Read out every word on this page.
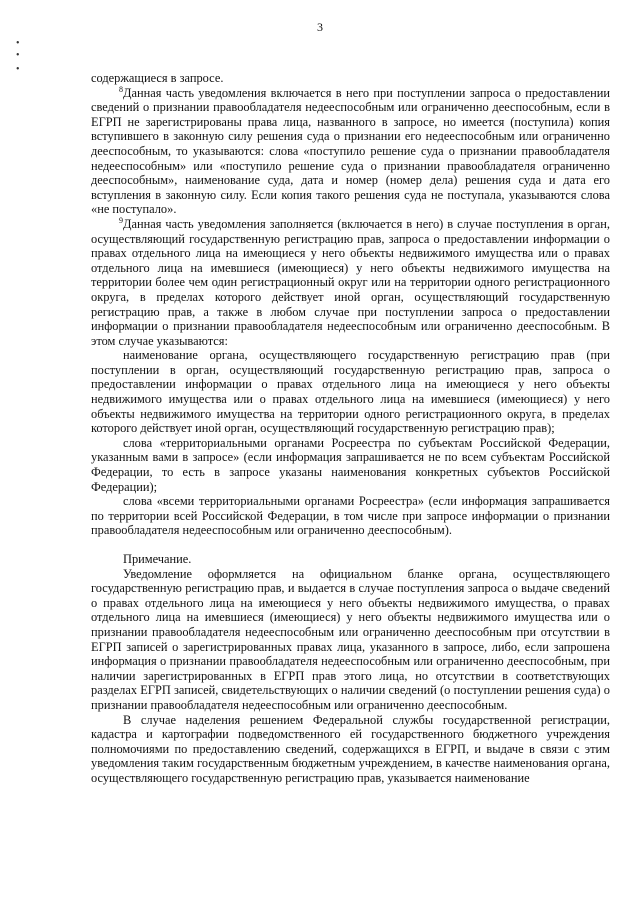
3
•
•
•

содержащиеся в запросе.

$^8$Данная часть уведомления включается в него при поступлении запроса о предоставлении сведений о признании правообладателя недееспособным или ограниченно дееспособным, если в ЕГРП не зарегистрированы права лица, названного в запросе, но имеется (поступила) копия вступившего в законную силу решения суда о признании его недееспособным или ограниченно дееспособным, то указываются: слова «поступило решение суда о признании правообладателя недееспособным» или «поступило решение суда о признании правообладателя ограниченно дееспособным», наименование суда, дата и номер (номер дела) решения суда и дата его вступления в законную силу. Если копия такого решения суда не поступала, указываются слова «не поступало».

$^9$Данная часть уведомления заполняется (включается в него) в случае поступления в орган, осуществляющий государственную регистрацию прав, запроса о предоставлении информации о правах отдельного лица на имеющиеся у него объекты недвижимого имущества или о правах отдельного лица на имевшиеся (имеющиеся) у него объекты недвижимого имущества на территории более чем один регистрационный округ или на территории одного регистрационного округа, в пределах которого действует иной орган, осуществляющий государственную регистрацию прав, а также в любом случае при поступлении запроса о предоставлении информации о признании правообладателя недееспособным или ограниченно дееспособным. В этом случае указываются:

наименование органа, осуществляющего государственную регистрацию прав (при поступлении в орган, осуществляющий государственную регистрацию прав, запроса о предоставлении информации о правах отдельного лица на имеющиеся у него объекты недвижимого имущества или о правах отдельного лица на имевшиеся (имеющиеся) у него объекты недвижимого имущества на территории одного регистрационного округа, в пределах которого действует иной орган, осуществляющий государственную регистрацию прав);

слова «территориальными органами Росреестра по субъектам Российской Федерации, указанным вами в запросе» (если информация запрашивается не по всем субъектам Российской Федерации, то есть в запросе указаны наименования конкретных субъектов Российской Федерации);

слова «всеми территориальными органами Росреестра» (если информация запрашивается по территории всей Российской Федерации, в том числе при запросе информации о признании правообладателя недееспособным или ограниченно дееспособным).

Примечание.

Уведомление оформляется на официальном бланке органа, осуществляющего государственную регистрацию прав, и выдается в случае поступления запроса о выдаче сведений о правах отдельного лица на имеющиеся у него объекты недвижимого имущества, о правах отдельного лица на имевшиеся (имеющиеся) у него объекты недвижимого имущества или о признании правообладателя недееспособным или ограниченно дееспособным при отсутствии в ЕГРП записей о зарегистрированных правах лица, указанного в запросе, либо, если запрошена информация о признании правообладателя недееспособным или ограниченно дееспособным, при наличии зарегистрированных в ЕГРП прав этого лица, но отсутствии в соответствующих разделах ЕГРП записей, свидетельствующих о наличии сведений (о поступлении решения суда) о признании правообладателя недееспособным или ограниченно дееспособным.

В случае наделения решением Федеральной службы государственной регистрации, кадастра и картографии подведомственного ей государственного бюджетного учреждения полномочиями по предоставлению сведений, содержащихся в ЕГРП, и выдаче в связи с этим уведомления таким государственным бюджетным учреждением, в качестве наименования органа, осуществляющего государственную регистрацию прав, указывается наименование
